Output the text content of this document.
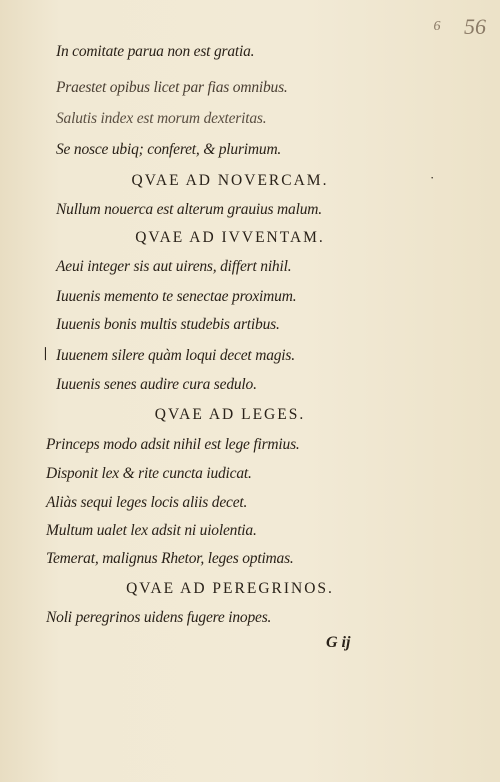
6 56
In comitate parua non est gratia.
Praestet opibus licet par fias omnibus.
Salutis index est morum dexteritas.
Se nosce ubiq; conferet, & plurimum.
QVAE AD NOVERCAM.
Nullum nouerca est alterum grauius malum.
QVAE AD IVVENTAM.
Aeui integer sis aut uirens, differt nihil.
Iuuenis memento te senectae proximum.
Iuuenis bonis multis studebis artibus.
Iuuenem silere quàm loqui decet magis.
Iuuenis senes audire cura sedulo.
QVAE AD LEGES.
Princeps modo adsit nihil est lege firmius.
Disponit lex & rite cuncta iudicat.
Aliàs sequi leges locis aliis decet.
Multum ualet lex adsit ni uiolentia.
Temerat, malignus Rhetor, leges optimas.
QVAE AD PEREGRINOS.
Noli peregrinos uidens fugere inopes.
·
❘
G ij
